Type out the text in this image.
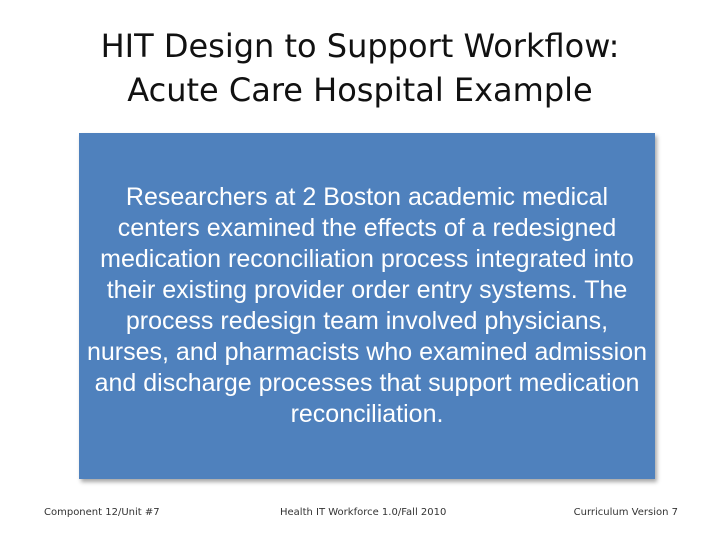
HIT Design to Support Workflow:
Acute Care Hospital Example

Researchers at 2 Boston academic medical centers examined the effects of a redesigned medication reconciliation process integrated into their existing provider order entry systems. The process redesign team involved physicians, nurses, and pharmacists who examined admission and discharge processes that support medication reconciliation.

Component 12/Unit #7	Health IT Workforce 1.0/Fall 2010	Curriculum Version 7
